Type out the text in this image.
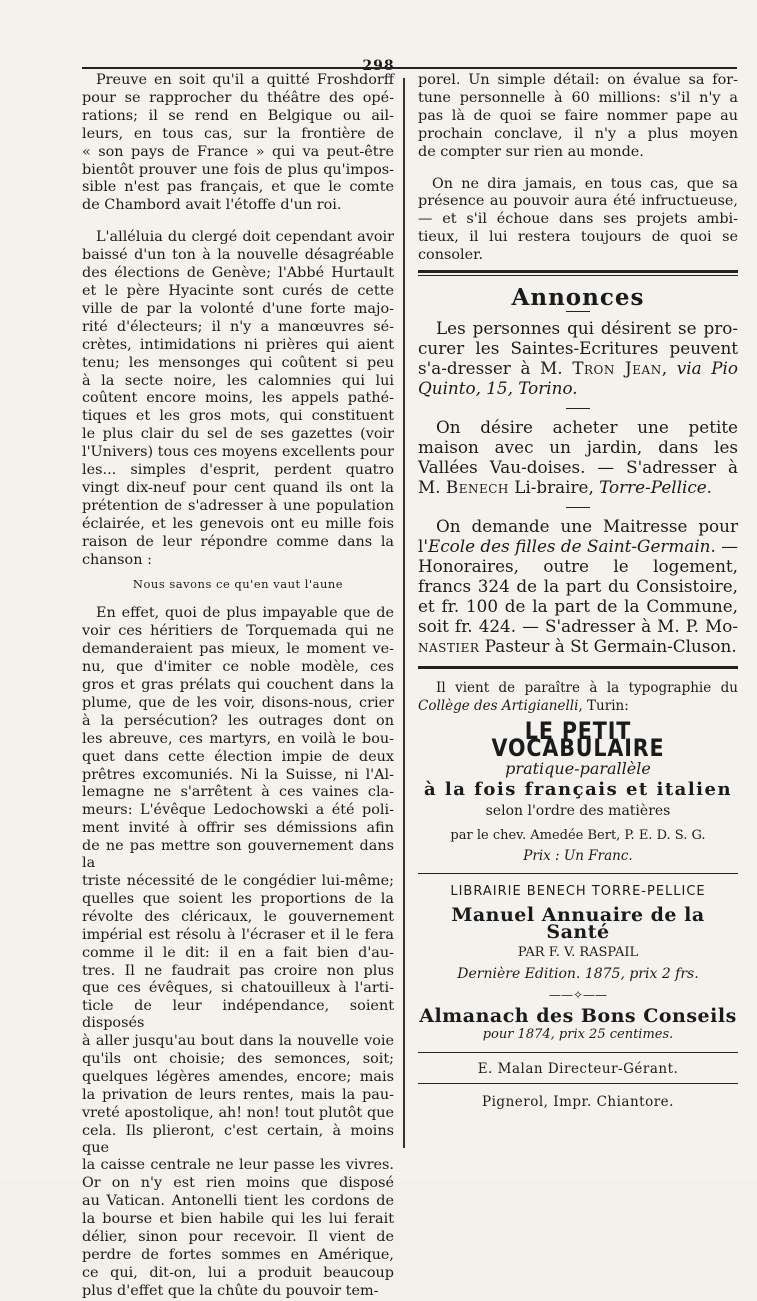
298

Preuve en soit qu'il a quitté Froshdorff
pour se rapprocher du théâtre des opé-
rations; il se rend en Belgique ou ail-
leurs, en tous cas, sur la frontière de
« son pays de France » qui va peut-être
bientôt prouver une fois de plus qu'impos-
sible n'est pas français, et que le comte
de Chambord avait l'étoffe d'un roi.

L'alléluia du clergé doit cependant avoir
baissé d'un ton à la nouvelle désagréable
des élections de Genève; l'Abbé Hurtault
et le père Hyacinte sont curés de cette
ville de par la volonté d'une forte majo-
rité d'électeurs; il n'y a manœuvres sé-
crètes, intimidations ni prières qui aient
tenu; les mensonges qui coûtent si peu
à la secte noire, les calomnies qui lui
coûtent encore moins, les appels pathé-
tiques et les gros mots, qui constituent
le plus clair du sel de ses gazettes (voir
l'Univers) tous ces moyens excellents pour
les... simples d'esprit, perdent quatro
vingt dix-neuf pour cent quand ils ont la
prétention de s'adresser à une population
éclairée, et les genevois ont eu mille fois
raison de leur répondre comme dans la
chanson :

Nous savons ce qu'en vaut l'aune

En effet, quoi de plus impayable que de
voir ces héritiers de Torquemada qui ne
demanderaient pas mieux, le moment ve-
nu, que d'imiter ce noble modèle, ces
gros et gras prélats qui couchent dans la
plume, que de les voir, disons-nous, crier
à la persécution? les outrages dont on
les abreuve, ces martyrs, en voilà le bou-
quet dans cette élection impie de deux
prêtres excomuniés. Ni la Suisse, ni l'Al-
lemagne ne s'arrêtent à ces vaines cla-
meurs: L'évêque Ledochowski a été poli-
ment invité à offrir ses démissions afin
de ne pas mettre son gouvernement dans la
triste nécessité de le congédier lui-même;
quelles que soient les proportions de la
révolte des cléricaux, le gouvernement
impérial est résolu à l'écraser et il le fera
comme il le dit: il en a fait bien d'au-
tres. Il ne faudrait pas croire non plus
que ces évêques, si chatouilleux à l'arti-
ticle de leur indépendance, soient disposés
à aller jusqu'au bout dans la nouvelle voie
qu'ils ont choisie; des semonces, soit;
quelques légères amendes, encore; mais
la privation de leurs rentes, mais la pau-
vreté apostolique, ah! non! tout plutôt que
cela. Ils plieront, c'est certain, à moins que
la caisse centrale ne leur passe les vivres.
Or on n'y est rien moins que disposé
au Vatican. Antonelli tient les cordons de
la bourse et bien habile qui les lui ferait
délier, sinon pour recevoir. Il vient de
perdre de fortes sommes en Amérique,
ce qui, dit-on, lui a produit beaucoup
plus d'effet que la chûte du pouvoir tem-

porel. Un simple détail: on évalue sa for-
tune personnelle à 60 millions: s'il n'y a
pas là de quoi se faire nommer pape au
prochain conclave, il n'y a plus moyen
de compter sur rien au monde.

On ne dira jamais, en tous cas, que sa
présence au pouvoir aura été infructueuse,
— et s'il échoue dans ses projets ambi-
tieux, il lui restera toujours de quoi se
consoler.

Annonces

Les personnes qui désirent se pro-curer les Saintes-Ecritures peuvent s'a-dresser à M. Tron Jean, via Pio Quinto, 15, Torino.

On désire acheter une petite maison avec un jardin, dans les Vallées Vau-doises. — S'adresser à M. Benech Li-braire, Torre-Pellice.

On demande une Maitresse pour l'Ecole des filles de Saint-Germain. — Honoraires, outre le logement, francs 324 de la part du Consistoire, et fr. 100 de la part de la Commune, soit fr. 424. — S'adresser à M. P. Mo-nastier Pasteur à St Germain-Cluson.

Il vient de paraître à la typographie du Collège des Artigianelli, Turin:
LE PETIT VOCABULAIRE
pratique-parallèle
à la fois français et italien
selon l'ordre des matières
par le chev. Amedée Bert, P. E. D. S. G.
Prix : Un Franc.
LIBRAIRIE BENECH TORRE-PELLICE
Manuel Annuaire de la Santé
PAR F. V. RASPAIL
Dernière Edition. 1875, prix 2 frs.
——✧——
Almanach des Bons Conseils
pour 1874, prix 25 centimes.
E. Malan Directeur-Gérant.
Pignerol, Impr. Chiantore.
